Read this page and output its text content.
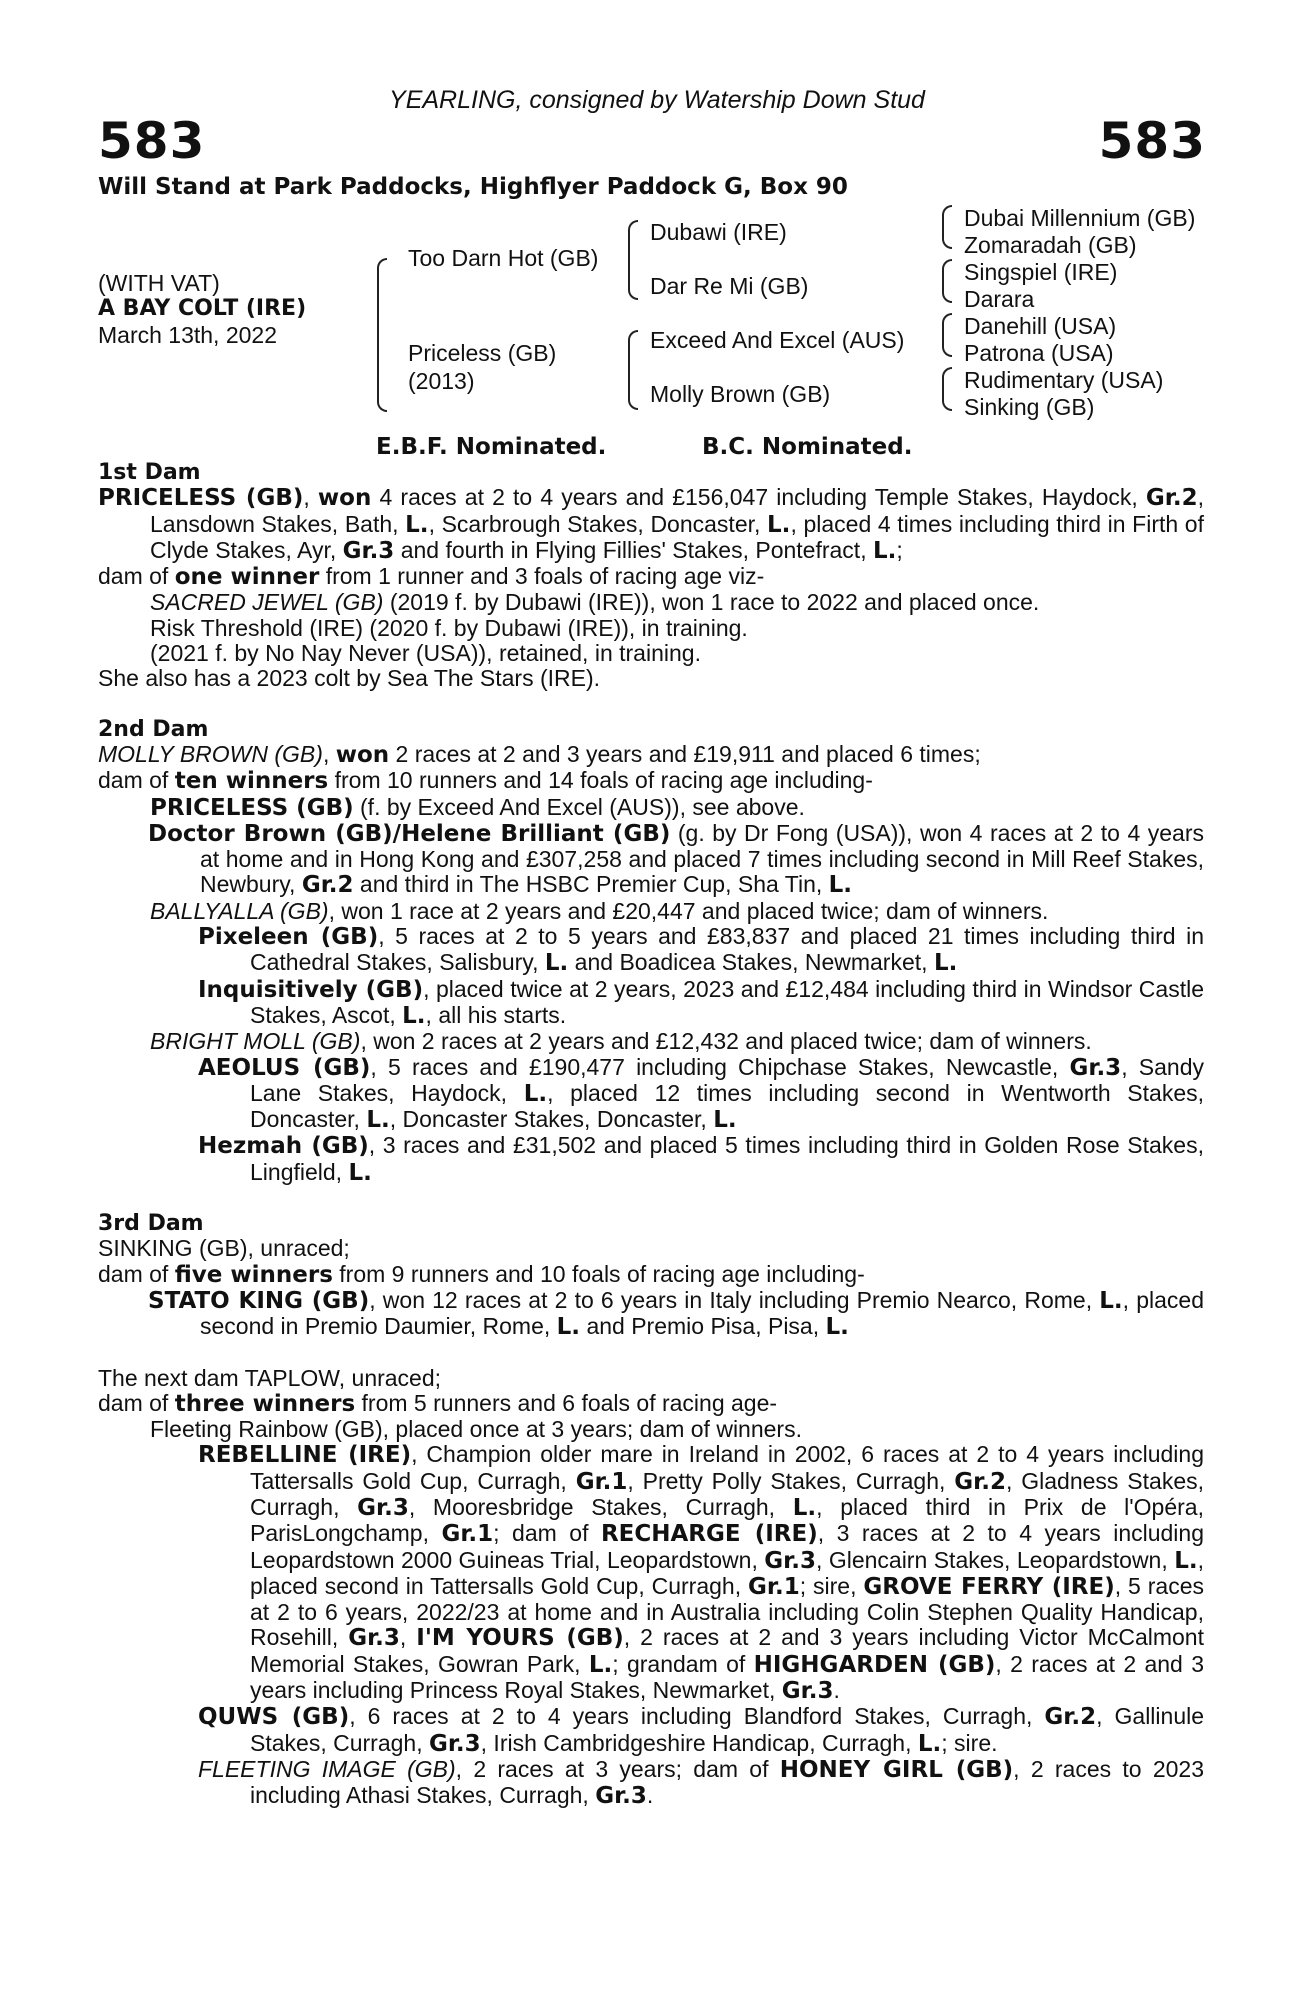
YEARLING, consigned by Watership Down Stud
583	583
Will Stand at Park Paddocks, Highflyer Paddock G, Box 90
(WITH VAT)
A BAY COLT (IRE)
March 13th, 2022
Too Darn Hot (GB)
Priceless (GB)
(2013)
Dubawi (IRE)
Dar Re Mi (GB)
Exceed And Excel (AUS)
Molly Brown (GB)
Dubai Millennium (GB)
Zomaradah (GB)
Singspiel (IRE)
Darara
Danehill (USA)
Patrona (USA)
Rudimentary (USA)
Sinking (GB)
E.B.F. Nominated.	B.C. Nominated.

1st Dam

PRICELESS (GB), won 4 races at 2 to 4 years and £156,047 including Temple Stakes, Haydock, Gr.2, Lansdown Stakes, Bath, L., Scarbrough Stakes, Doncaster, L., placed 4 times including third in Firth of Clyde Stakes, Ayr, Gr.3 and fourth in Flying Fillies' Stakes, Pontefract, L.;

dam of one winner from 1 runner and 3 foals of racing age viz-

SACRED JEWEL (GB) (2019 f. by Dubawi (IRE)), won 1 race to 2022 and placed once.

Risk Threshold (IRE) (2020 f. by Dubawi (IRE)), in training.

(2021 f. by No Nay Never (USA)), retained, in training.

She also has a 2023 colt by Sea The Stars (IRE).

2nd Dam

MOLLY BROWN (GB), won 2 races at 2 and 3 years and £19,911 and placed 6 times;

dam of ten winners from 10 runners and 14 foals of racing age including-

PRICELESS (GB) (f. by Exceed And Excel (AUS)), see above.

Doctor Brown (GB)/Helene Brilliant (GB) (g. by Dr Fong (USA)), won 4 races at 2 to 4 years at home and in Hong Kong and £307,258 and placed 7 times including second in Mill Reef Stakes, Newbury, Gr.2 and third in The HSBC Premier Cup, Sha Tin, L.

BALLYALLA (GB), won 1 race at 2 years and £20,447 and placed twice; dam of winners.

Pixeleen (GB), 5 races at 2 to 5 years and £83,837 and placed 21 times including third in Cathedral Stakes, Salisbury, L. and Boadicea Stakes, Newmarket, L.

Inquisitively (GB), placed twice at 2 years, 2023 and £12,484 including third in Windsor Castle Stakes, Ascot, L., all his starts.

BRIGHT MOLL (GB), won 2 races at 2 years and £12,432 and placed twice; dam of winners.

AEOLUS (GB), 5 races and £190,477 including Chipchase Stakes, Newcastle, Gr.3, Sandy Lane Stakes, Haydock, L., placed 12 times including second in Wentworth Stakes, Doncaster, L., Doncaster Stakes, Doncaster, L.

Hezmah (GB), 3 races and £31,502 and placed 5 times including third in Golden Rose Stakes, Lingfield, L.

3rd Dam

SINKING (GB), unraced;

dam of five winners from 9 runners and 10 foals of racing age including-

STATO KING (GB), won 12 races at 2 to 6 years in Italy including Premio Nearco, Rome, L., placed second in Premio Daumier, Rome, L. and Premio Pisa, Pisa, L.

The next dam TAPLOW, unraced;

dam of three winners from 5 runners and 6 foals of racing age-

Fleeting Rainbow (GB), placed once at 3 years; dam of winners.

REBELLINE (IRE), Champion older mare in Ireland in 2002, 6 races at 2 to 4 years including Tattersalls Gold Cup, Curragh, Gr.1, Pretty Polly Stakes, Curragh, Gr.2, Gladness Stakes, Curragh, Gr.3, Mooresbridge Stakes, Curragh, L., placed third in Prix de l'Opéra, ParisLongchamp, Gr.1; dam of RECHARGE (IRE), 3 races at 2 to 4 years including Leopardstown 2000 Guineas Trial, Leopardstown, Gr.3, Glencairn Stakes, Leopardstown, L., placed second in Tattersalls Gold Cup, Curragh, Gr.1; sire, GROVE FERRY (IRE), 5 races at 2 to 6 years, 2022/23 at home and in Australia including Colin Stephen Quality Handicap, Rosehill, Gr.3, I'M YOURS (GB), 2 races at 2 and 3 years including Victor McCalmont Memorial Stakes, Gowran Park, L.; grandam of HIGHGARDEN (GB), 2 races at 2 and 3 years including Princess Royal Stakes, Newmarket, Gr.3.

QUWS (GB), 6 races at 2 to 4 years including Blandford Stakes, Curragh, Gr.2, Gallinule Stakes, Curragh, Gr.3, Irish Cambridgeshire Handicap, Curragh, L.; sire.

FLEETING IMAGE (GB), 2 races at 3 years; dam of HONEY GIRL (GB), 2 races to 2023 including Athasi Stakes, Curragh, Gr.3.
